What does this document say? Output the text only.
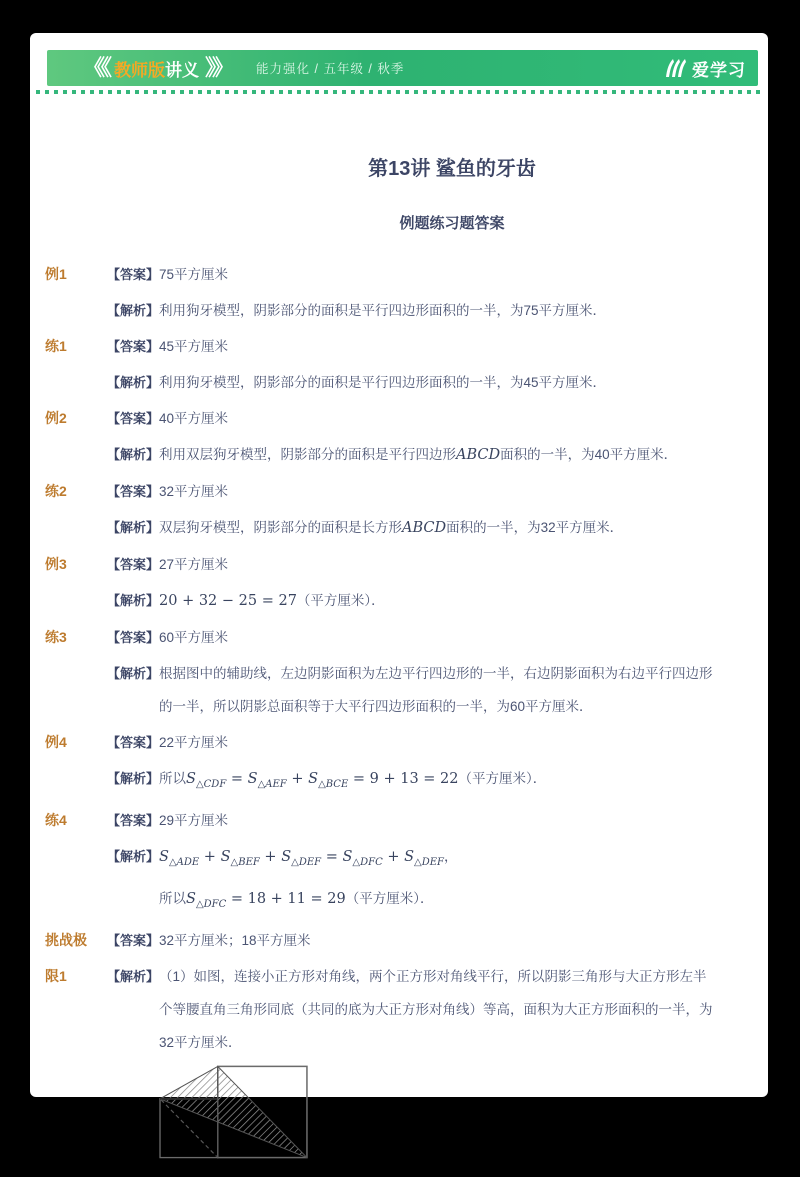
《《 教师版 讲义 》》 能力强化 / 五年级 / 秋季	爱学习
第13讲 鲨鱼的牙齿
例题练习题答案
例1	【答案】 75平方厘米
【解析】 利用狗牙模型，阴影部分的面积是平行四边形面积的一半，为75平方厘米．
练1	【答案】 45平方厘米
【解析】 利用狗牙模型，阴影部分的面积是平行四边形面积的一半，为45平方厘米．
例2	【答案】 40平方厘米
【解析】 利用双层狗牙模型，阴影部分的面积是平行四边形ABCD面积的一半，为40平方厘米．
练2	【答案】 32平方厘米
【解析】 双层狗牙模型，阴影部分的面积是长方形ABCD面积的一半，为32平方厘米．
例3	【答案】 27平方厘米
【解析】 20 + 32 − 25 = 27（平方厘米）．
练3	【答案】 60平方厘米
【解析】 根据图中的辅助线，左边阴影面积为左边平行四边形的一半，右边阴影面积为右边平行四边形的一半，所以阴影总面积等于大平行四边形面积的一半，为60平方厘米．
例4	【答案】 22平方厘米
【解析】 所以$S_{\triangle CDF} = S_{\triangle AEF} + S_{\triangle BCE} = 9 + 13 = 22$（平方厘米）．
练4	【答案】 29平方厘米
【解析】 $S_{\triangle ADE} + S_{\triangle BEF} + S_{\triangle DEF} = S_{\triangle DFC} + S_{\triangle DEF}$，
所以$S_{\triangle DFC} = 18 + 11 = 29$（平方厘米）．
挑战极	【答案】 32平方厘米；18平方厘米
限1	【解析】 （1）如图，连接小正方形对角线，两个正方形对角线平行，所以阴影三角形与大正方形左半个等腰直角三角形同底（共同的底为大正方形对角线）等高，面积为大正方形面积的一半，为32平方厘米．
